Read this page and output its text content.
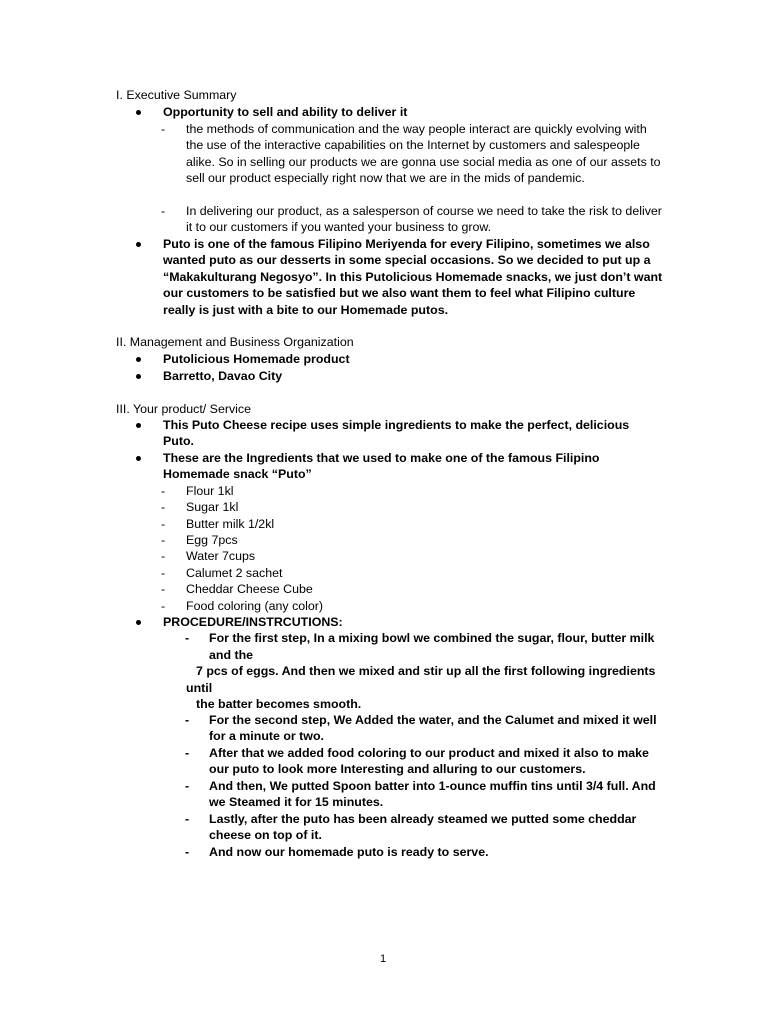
I. Executive Summary
Opportunity to sell and ability to deliver it
- the methods of communication and the way people interact are quickly evolving with the use of the interactive capabilities on the Internet by customers and salespeople alike. So in selling our products we are gonna use social media as one of our assets to sell our product especially right now that we are in the mids of pandemic.
- In delivering our product, as a salesperson of course we need to take the risk to deliver it to our customers if you wanted your business to grow.
Puto is one of the famous Filipino Meriyenda for every Filipino, sometimes we also wanted puto as our desserts in some special occasions. So we decided to put up a “Makakulturang Negosyo”. In this Putolicious Homemade snacks, we just don’t want our customers to be satisfied but we also want them to feel what Filipino culture really is just with a bite to our Homemade putos.
II. Management and Business Organization
Putolicious Homemade product
Barretto, Davao City
III. Your product/ Service
This Puto Cheese recipe uses simple ingredients to make the perfect, delicious Puto.
These are the Ingredients that we used to make one of the famous Filipino Homemade snack “Puto”
- Flour 1kl
- Sugar 1kl
- Butter milk 1/2kl
- Egg 7pcs
- Water 7cups
- Calumet 2 sachet
- Cheddar Cheese Cube
- Food coloring (any color)
PROCEDURE/INSTRCUTIONS:
- For the first step, In a mixing bowl we combined the sugar, flour, butter milk
and the
7 pcs of eggs. And then we mixed and stir up all the first following ingredients
until
the batter becomes smooth.
- For the second step, We Added the water, and the Calumet and mixed it well for a minute or two.
- After that we added food coloring to our product and mixed it also to make our puto to look more Interesting and alluring to our customers.
- And then, We putted Spoon batter into 1-ounce muffin tins until 3/4 full. And we Steamed it for 15 minutes.
- Lastly, after the puto has been already steamed we putted some cheddar cheese on top of it.
- And now our homemade puto is ready to serve.
1
